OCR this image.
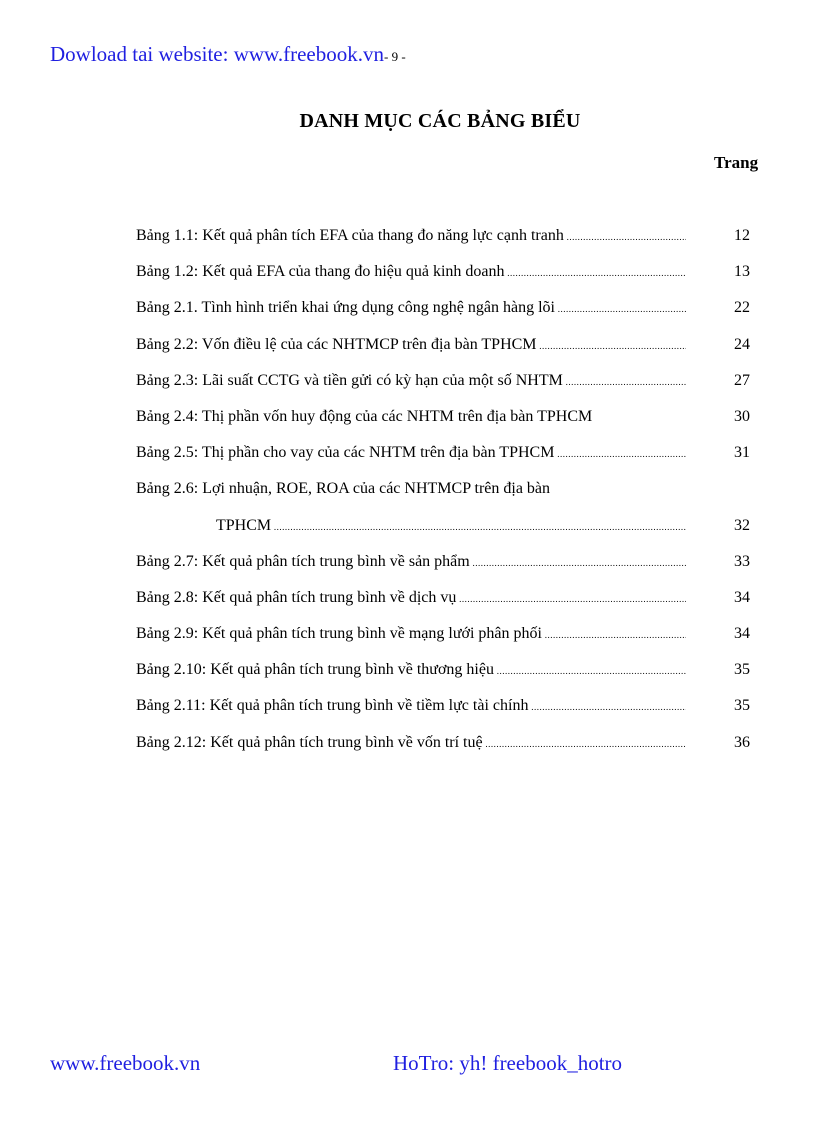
Dowload tai website: www.freebook.vn- 9 -
DANH MỤC CÁC BẢNG BIỂU
Trang
Bảng 1.1: Kết quả phân tích EFA của thang đo năng lực cạnh tranh .....	12
Bảng 1.2: Kết quả EFA của thang đo hiệu quả kinh doanh .....	13
Bảng 2.1. Tình hình triển khai ứng dụng công nghệ ngân hàng lõi .....	22
Bảng 2.2: Vốn điều lệ của các NHTMCP trên địa bàn TPHCM .....	24
Bảng 2.3: Lãi suất CCTG và tiền gửi có kỳ hạn của một số NHTM .....	27
Bảng 2.4: Thị phần vốn huy động của các NHTM trên địa bàn TPHCM	30
Bảng 2.5: Thị phần cho vay của các NHTM trên địa bàn TPHCM .....	31
Bảng 2.6: Lợi nhuận, ROE, ROA của các NHTMCP trên địa bàn
TPHCM .....	32
Bảng 2.7: Kết quả phân tích trung bình về sản phẩm .....	33
Bảng 2.8: Kết quả phân tích trung bình về dịch vụ .....	34
Bảng 2.9: Kết quả phân tích trung bình về mạng lưới phân phối .....	34
Bảng 2.10: Kết quả phân tích trung bình về thương hiệu .....	35
Bảng 2.11: Kết quả phân tích trung bình về tiềm lực tài chính .....	35
Bảng 2.12: Kết quả phân tích trung bình về vốn trí tuệ .....	36
www.freebook.vn	HoTro: yh! freebook_hotro
